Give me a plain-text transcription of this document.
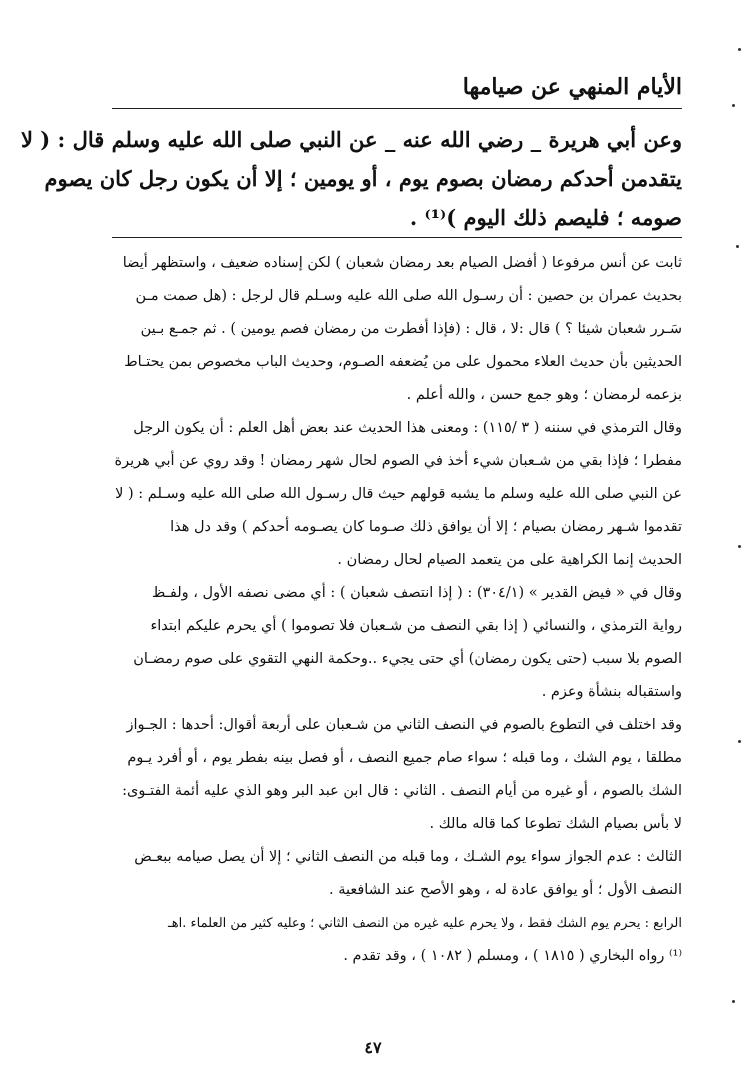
الأيام المنهي عن صيامها
وعن أبي هريرة _ رضي الله عنه _ عن النبي صلى الله عليه وسلم قال : ( لا
يتقدمن أحدكم رمضان بصوم يوم ، أو يومين ؛ إلا أن يكون رجل كان يصوم
صومه ؛ فليصم ذلك اليوم )⁽¹⁾ .
ثابت عن أنس مرفوعا ( أفضل الصيام بعد رمضان شعبان ) لكن إسناده ضعيف ، واستظهر أيضا
بحديث عمران بن حصين : أن رسـول الله صلى الله عليه وسـلم قال لرجل : (هل صمت مـن
سَـرر شعبان شيئا ؟ ) قال :لا ، قال : (فإذا أفطرت من رمضان فصم يومين ) . ثم جمـع بـين
الحديثين بأن حديث العلاء محمول على من يُضعفه الصـوم، وحديث الباب مخصوص بمن يحتـاط
بزعمه لرمضان ؛ وهو جمع حسن ، والله أعلم .
وقال الترمذي في سننه ( ٣ /١١٥) : ومعنى هذا الحديث عند بعض أهل العلم : أن يكون الرجل
مفطرا ؛ فإذا بقي من شـعبان شيء أخذ في الصوم لحال شهر رمضان ! وقد روي عن أبي هريرة
عن النبي صلى الله عليه وسلم ما يشبه قولهم حيث قال رسـول الله صلى الله عليه وسـلم : ( لا
تقدموا شـهر رمضان بصيام ؛ إلا أن يوافق ذلك صـوما كان يصـومه أحدكم ) وقد دل هذا
الحديث إنما الكراهية على من يتعمد الصيام لحال رمضان .
وقال في « فيض القدير » (٣٠٤/١) : ( إذا انتصف شعبان ) : أي مضى نصفه الأول ، ولفـظ
رواية الترمذي ، والنسائي ( إذا بقي النصف من شـعبان فلا تصوموا ) أي يحرم عليكم ابتداء
الصوم بلا سبب (حتى يكون رمضان) أي حتى يجيء ..وحكمة النهي التقوي على صوم رمضـان
واستقباله بنشأة وعزم .
وقد اختلف في التطوع بالصوم في النصف الثاني من شـعبان على أربعة أقوال: أحدها : الجـواز
مطلقا ، يوم الشك ، وما قبله ؛ سواء صام جميع النصف ، أو فصل بينه بفطر يوم ، أو أفرد يـوم
الشك بالصوم ، أو غيره من أيام النصف . الثاني : قال ابن عبد البر وهو الذي عليه أئمة الفتـوى:
لا بأس بصيام الشك تطوعا كما قاله مالك .
الثالث : عدم الجواز سواء يوم الشـك ، وما قبله من النصف الثاني ؛ إلا أن يصل صيامه ببعـض
النصف الأول ؛ أو يوافق عادة له ، وهو الأصح عند الشافعية .
الرابع : يحرم يوم الشك فقط ، ولا يحرم عليه غيره من النصف الثاني ؛ وعليه كثير من العلماء .اهـ
⁽¹⁾ رواه البخاري ( ١٨١٥ ) ، ومسلم ( ١٠٨٢ ) ، وقد تقدم .
٤٧
